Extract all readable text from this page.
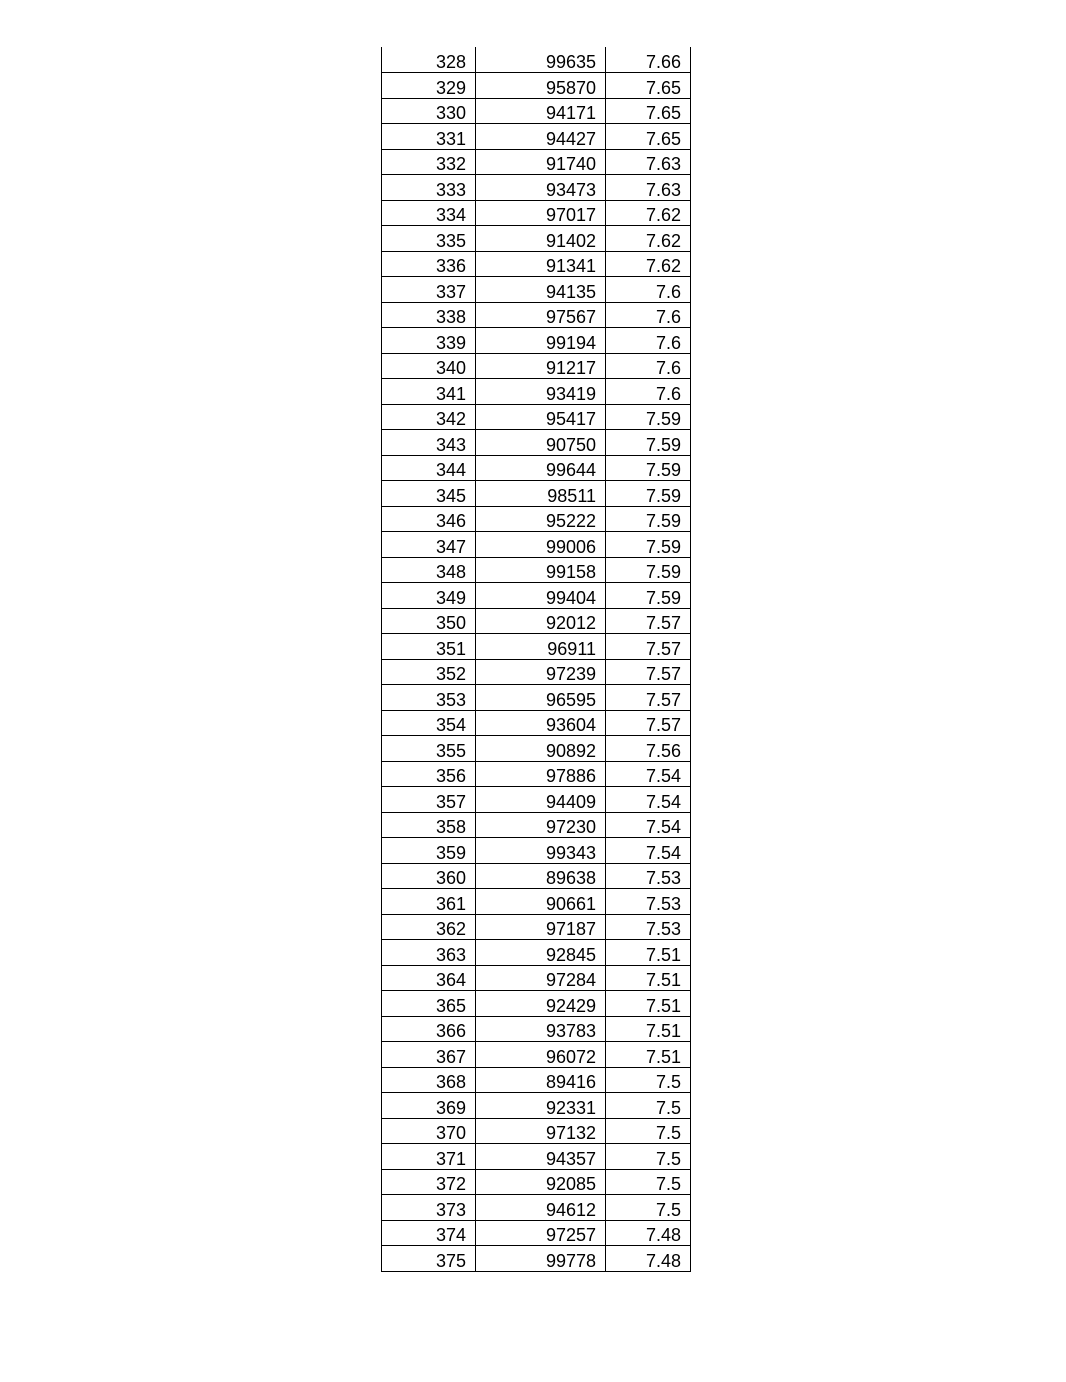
328	99635	7.66
329	95870	7.65
330	94171	7.65
331	94427	7.65
332	91740	7.63
333	93473	7.63
334	97017	7.62
335	91402	7.62
336	91341	7.62
337	94135	7.6
338	97567	7.6
339	99194	7.6
340	91217	7.6
341	93419	7.6
342	95417	7.59
343	90750	7.59
344	99644	7.59
345	98511	7.59
346	95222	7.59
347	99006	7.59
348	99158	7.59
349	99404	7.59
350	92012	7.57
351	96911	7.57
352	97239	7.57
353	96595	7.57
354	93604	7.57
355	90892	7.56
356	97886	7.54
357	94409	7.54
358	97230	7.54
359	99343	7.54
360	89638	7.53
361	90661	7.53
362	97187	7.53
363	92845	7.51
364	97284	7.51
365	92429	7.51
366	93783	7.51
367	96072	7.51
368	89416	7.5
369	92331	7.5
370	97132	7.5
371	94357	7.5
372	92085	7.5
373	94612	7.5
374	97257	7.48
375	99778	7.48
